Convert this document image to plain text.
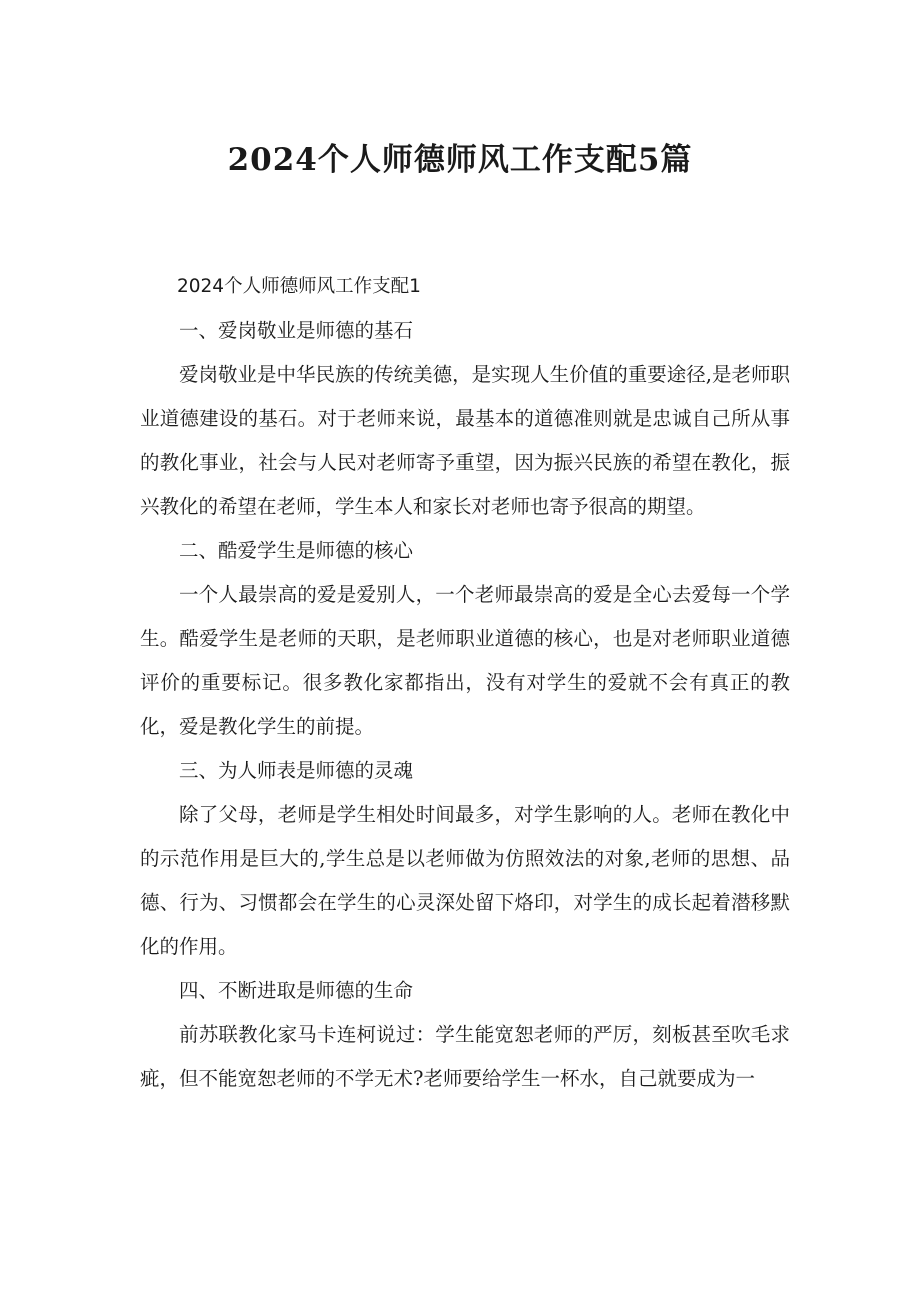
2024个人师德师风工作支配5篇

2024个人师德师风工作支配1

一、爱岗敬业是师德的基石

爱岗敬业是中华民族的传统美德，是实现人生价值的重要途径,是老师职业道德建设的基石。对于老师来说，最基本的道德准则就是忠诚自己所从事的教化事业，社会与人民对老师寄予重望，因为振兴民族的希望在教化，振兴教化的希望在老师，学生本人和家长对老师也寄予很高的期望。

二、酷爱学生是师德的核心

一个人最崇高的爱是爱别人，一个老师最崇高的爱是全心去爱每一个学生。酷爱学生是老师的天职，是老师职业道德的核心，也是对老师职业道德评价的重要标记。很多教化家都指出，没有对学生的爱就不会有真正的教化，爱是教化学生的前提。

三、为人师表是师德的灵魂

除了父母，老师是学生相处时间最多，对学生影响的人。老师在教化中的示范作用是巨大的,学生总是以老师做为仿照效法的对象,老师的思想、品德、行为、习惯都会在学生的心灵深处留下烙印，对学生的成长起着潜移默化的作用。

四、不断进取是师德的生命

前苏联教化家马卡连柯说过：学生能宽恕老师的严厉，刻板甚至吹毛求疵，但不能宽恕老师的不学无术?老师要给学生一杯水，自己就要成为一
